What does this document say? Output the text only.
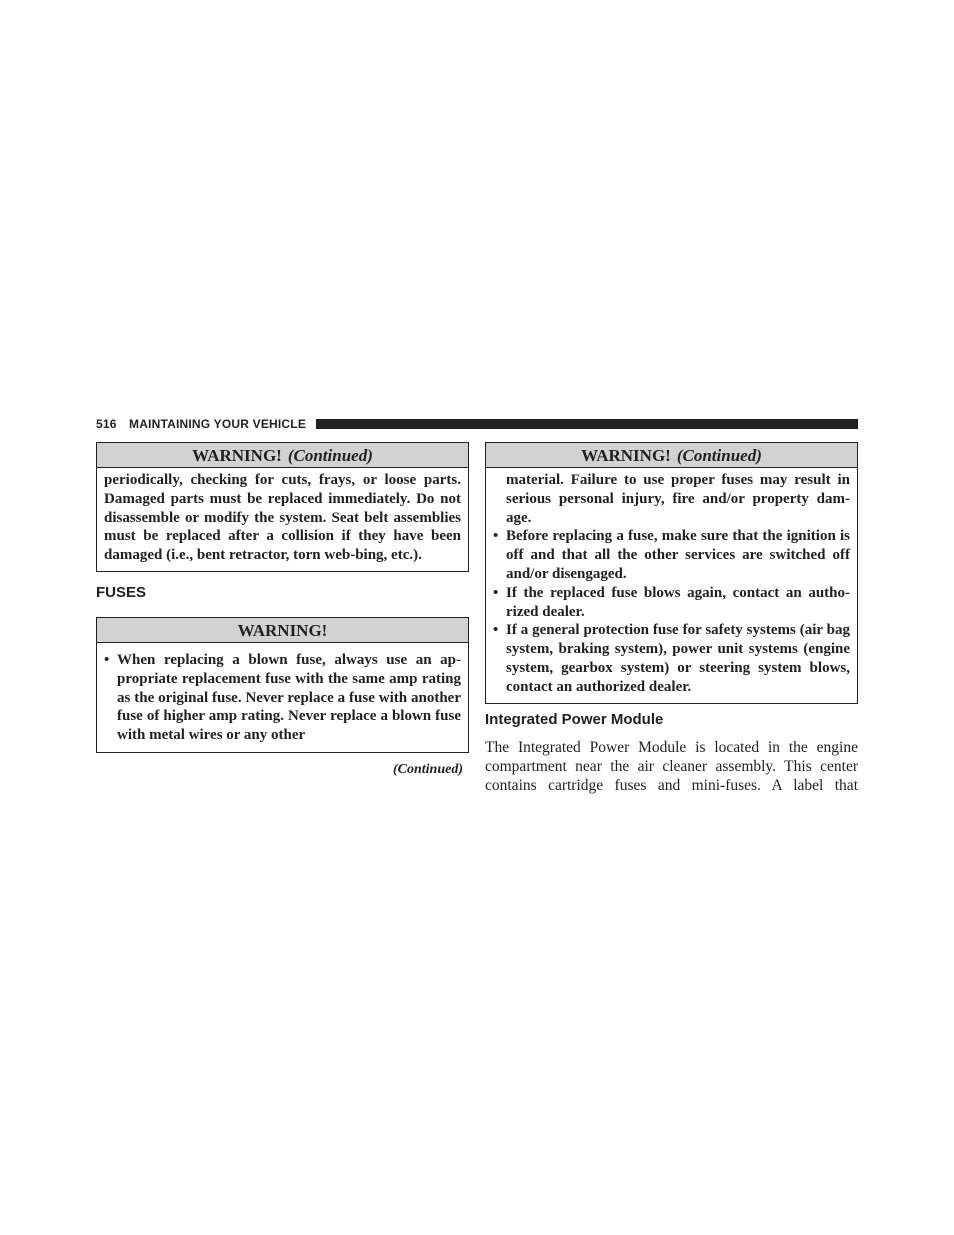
516 MAINTAINING YOUR VEHICLE
WARNING! (Continued)

periodically, checking for cuts, frays, or loose parts. Damaged parts must be replaced immediately. Do not disassemble or modify the system. Seat belt assemblies must be replaced after a collision if they have been damaged (i.e., bent retractor, torn web-bing, etc.).

FUSES
WARNING!
• When replacing a blown fuse, always use an ap-propriate replacement fuse with the same amp rating as the original fuse. Never replace a fuse with another fuse of higher amp rating. Never replace a blown fuse with metal wires or any other
(Continued)
WARNING! (Continued)

material. Failure to use proper fuses may result in serious personal injury, fire and/or property dam-age.

• Before replacing a fuse, make sure that the ignition is off and that all the other services are switched off and/or disengaged.
• If the replaced fuse blows again, contact an autho-rized dealer.
• If a general protection fuse for safety systems (air bag system, braking system), power unit systems (engine system, gearbox system) or steering system blows, contact an authorized dealer.
Integrated Power Module

The Integrated Power Module is located in the engine compartment near the air cleaner assembly. This center contains cartridge fuses and mini-fuses. A label that
